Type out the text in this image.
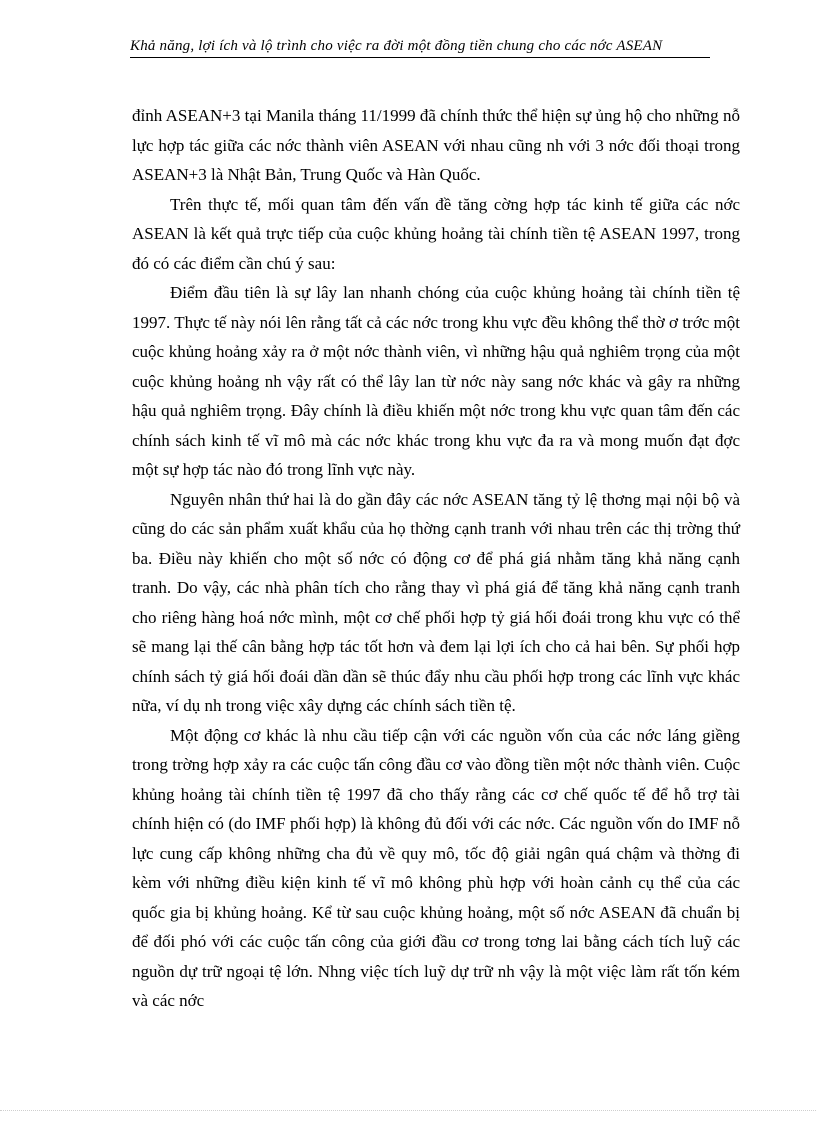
Khả năng, lợi ích và lộ trình cho việc ra đời một đồng tiền chung cho các nớc ASEAN

đỉnh ASEAN+3 tại Manila tháng 11/1999 đã chính thức thể hiện sự ủng hộ cho những nỗ lực hợp tác giữa các nớc thành viên ASEAN với nhau cũng nh với 3 nớc đối thoại trong ASEAN+3 là Nhật Bản, Trung Quốc và Hàn Quốc.

Trên thực tế, mối quan tâm đến vấn đề tăng cờng hợp tác kinh tế giữa các nớc ASEAN là kết quả trực tiếp của cuộc khủng hoảng tài chính tiền tệ ASEAN 1997, trong đó có các điểm cần chú ý sau:

Điểm đầu tiên là sự lây lan nhanh chóng của cuộc khủng hoảng tài chính tiền tệ 1997. Thực tế này nói lên rằng tất cả các nớc trong khu vực đều không thể thờ ơ trớc một cuộc khủng hoảng xảy ra ở một nớc thành viên, vì những hậu quả nghiêm trọng của một cuộc khủng hoảng nh vậy rất có thể lây lan từ nớc này sang nớc khác và gây ra những hậu quả nghiêm trọng. Đây chính là điều khiến một nớc trong khu vực quan tâm đến các chính sách kinh tế vĩ mô mà các nớc khác trong khu vực đa ra và mong muốn đạt đợc một sự hợp tác nào đó trong lĩnh vực này.

Nguyên nhân thứ hai là do gần đây các nớc ASEAN tăng tỷ lệ thơng mại nội bộ và cũng do các sản phẩm xuất khẩu của họ thờng cạnh tranh với nhau trên các thị trờng thứ ba. Điều này khiến cho một số nớc có động cơ để phá giá nhằm tăng khả năng cạnh tranh. Do vậy, các nhà phân tích cho rằng thay vì phá giá để tăng khả năng cạnh tranh cho riêng hàng hoá nớc mình, một cơ chế phối hợp tỷ giá hối đoái trong khu vực có thể sẽ mang lại thế cân bằng hợp tác tốt hơn và đem lại lợi ích cho cả hai bên. Sự phối hợp chính sách tỷ giá hối đoái dần dần sẽ thúc đẩy nhu cầu phối hợp trong các lĩnh vực khác nữa, ví dụ nh trong việc xây dựng các chính sách tiền tệ.

Một động cơ khác là nhu cầu tiếp cận với các nguồn vốn của các nớc láng giềng trong trờng hợp xảy ra các cuộc tấn công đầu cơ vào đồng tiền một nớc thành viên. Cuộc khủng hoảng tài chính tiền tệ 1997 đã cho thấy rằng các cơ chế quốc tế để hỗ trợ tài chính hiện có (do IMF phối hợp) là không đủ đối với các nớc. Các nguồn vốn do IMF nỗ lực cung cấp không những cha đủ về quy mô, tốc độ giải ngân quá chậm và thờng đi kèm với những điều kiện kinh tế vĩ mô không phù hợp với hoàn cảnh cụ thể của các quốc gia bị khủng hoảng. Kể từ sau cuộc khủng hoảng, một số nớc ASEAN đã chuẩn bị để đối phó với các cuộc tấn công của giới đầu cơ trong tơng lai bằng cách tích luỹ các nguồn dự trữ ngoại tệ lớn. Nhng việc tích luỹ dự trữ nh vậy là một việc làm rất tốn kém và các nớc
